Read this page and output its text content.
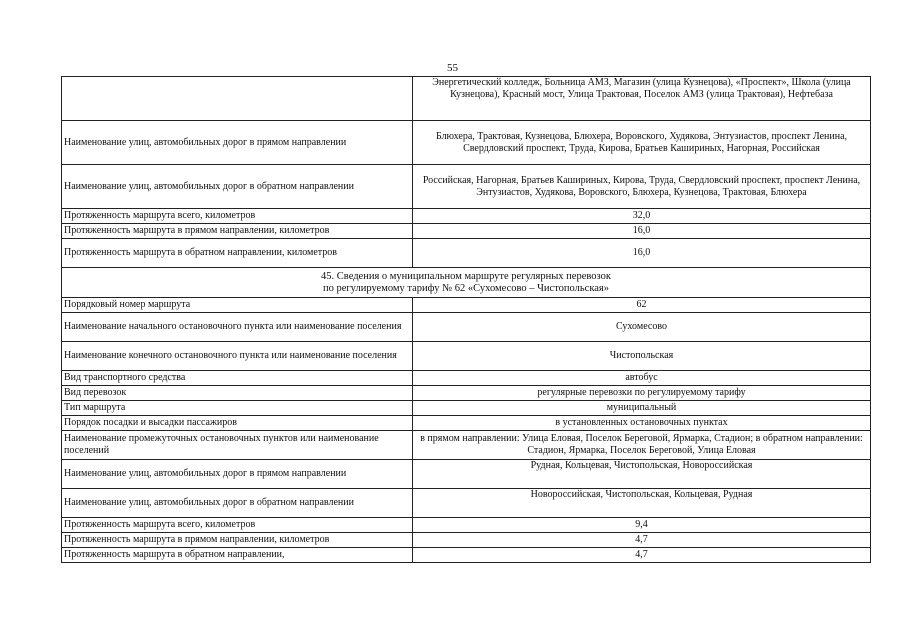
55
	Энергетический колледж, Больница АМЗ, Магазин (улица Кузнецова), «Проспект», Школа (улица Кузнецова), Красный мост, Улица Трактовая, Поселок АМЗ (улица Трактовая), Нефтебаза
Наименование улиц, автомобильных дорог в прямом направлении	Блюхера, Трактовая, Кузнецова, Блюхера, Воровского, Худякова, Энтузиастов, проспект Ленина, Свердловский проспект, Труда, Кирова, Братьев Кашириных, Нагорная, Российская
Наименование улиц, автомобильных дорог в обратном направлении	Российская, Нагорная, Братьев Кашириных, Кирова, Труда, Свердловский проспект, проспект Ленина, Энтузиастов, Худякова, Воровского, Блюхера, Кузнецова, Трактовая, Блюхера
Протяженность маршрута всего, километров	32,0
Протяженность маршрута в прямом направлении, километров	16,0
Протяженность маршрута в обратном направлении, километров	16,0

45. Сведения о муниципальном маршруте регулярных перевозок
по регулируемому тарифу № 62 «Сухомесово – Чистопольская»	

Порядковый номер маршрута	62
Наименование начального остановочного пункта или наименование поселения	Сухомесово
Наименование конечного остановочного пункта или наименование поселения	Чистопольская
Вид транспортного средства	автобус
Вид перевозок	регулярные перевозки по регулируемому тарифу
Тип маршрута	муниципальный
Порядок посадки и высадки пассажиров	в установленных остановочных пунктах
Наименование промежуточных остановочных пунктов или наименование поселений	в прямом направлении: Улица Еловая, Поселок Береговой, Ярмарка, Стадион; в обратном направлении: Стадион, Ярмарка, Поселок Береговой, Улица Еловая
Наименование улиц, автомобильных дорог в прямом направлении	Рудная, Кольцевая, Чистопольская, Новороссийская
Наименование улиц, автомобильных дорог в обратном направлении	Новороссийская, Чистопольская, Кольцевая, Рудная
Протяженность маршрута всего, километров	9,4
Протяженность маршрута в прямом направлении, километров	4,7
Протяженность маршрута в обратном направлении,	4,7
